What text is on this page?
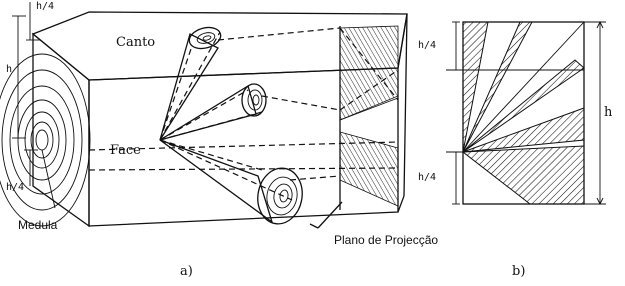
h/4
h
h/4
Canto
Face
Medula
Plano de Projecção
a)
h/4
h
h/4
b)
